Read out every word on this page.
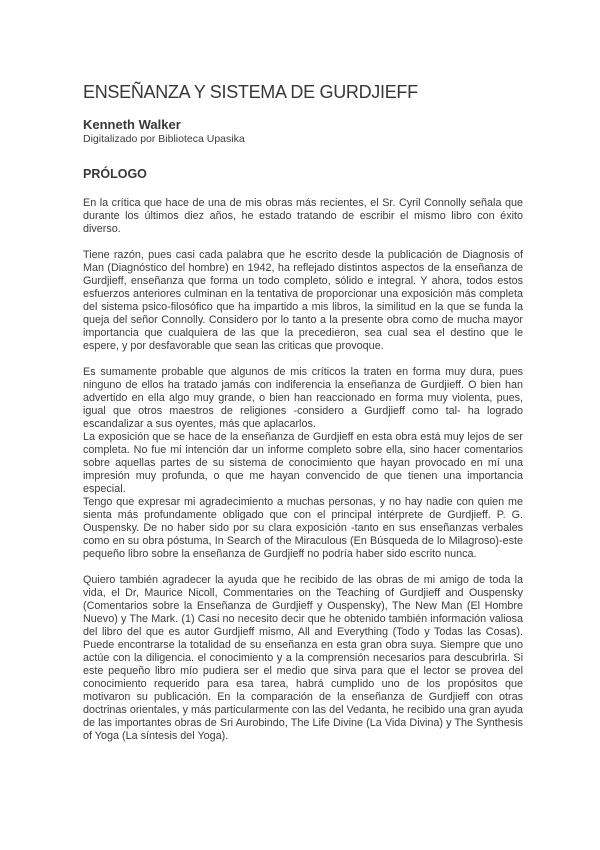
ENSEÑANZA Y SISTEMA DE GURDJIEFF
Kenneth Walker
Digitalizado por Biblioteca Upasika
PRÓLOGO

En la crítica que hace de una de mis obras más recientes, el Sr. Cyril Connolly señala que durante los últimos diez años, he estado tratando de escribir el mismo libro con éxito diverso.

Tiene razón, pues casi cada palabra que he escrito desde la publicación de Diagnosis of Man (Diagnóstico del hombre) en 1942, ha reflejado distintos aspectos de la enseñanza de Gurdjieff, enseñanza que forma un todo completo, sólido e integral. Y ahora, todos estos esfuerzos anteriores culminan en la tentativa de proporcionar una exposición más completa del sistema psico-filosófico que ha impartido a mis libros, la similitud en la que se funda la queja del señor Connolly. Considero por lo tanto a la presente obra como de mucha mayor importancia que cualquiera de las que la precedieron, sea cual sea el destino que le espere, y por desfavorable que sean las criticas que provoque.

Es sumamente probable que algunos de mis críticos la traten en forma muy dura, pues ninguno de ellos ha tratado jamás con indiferencia la enseñanza de Gurdjieff. O bien han advertido en ella algo muy grande, o bien han reaccionado en forma muy violenta, pues, igual que otros maestros de religiones -considero a Gurdjieff como tal- ha logrado escandalizar a sus oyentes, más que aplacarlos.

La exposición que se hace de la enseñanza de Gurdjieff en esta obra está muy lejos de ser completa. No fue mi intención dar un informe completo sobre ella, sino hacer comentarios sobre aquellas partes de su sistema de conocimiento que hayan provocado en mí una impresión muy profunda, o que me hayan convencido de que tienen una importancia especial.

Tengo que expresar mi agradecimiento a muchas personas, y no hay nadie con quien me sienta más profundamente obligado que con el principal intérprete de Gurdjieff. P. G. Ouspensky. De no haber sido por su clara exposición -tanto en sus enseñanzas verbales como en su obra póstuma, In Search of the Miraculous (En Búsqueda de lo Milagroso)-este pequeño libro sobre la enseñanza de Gurdjieff no podría haber sido escrito nunca.

Quiero también agradecer la ayuda que he recibido de las obras de mi amigo de toda la vida, el Dr, Maurice Nicoll, Commentaries on the Teaching of Gurdjieff and Ouspensky (Comentarios sobre la Enseñanza de Gurdjieff y Ouspensky), The New Man (El Hombre Nuevo) y The Mark. (1) Casi no necesito decir que he obtenido también información valiosa del libro del que es autor Gurdjieff mismo, All and Everything (Todo y Todas las Cosas). Puede encontrarse la totalidad de su enseñanza en esta gran obra suya. Siempre que uno actúe con la diligencia. el conocimiento y a la comprensión necesarios para descubrirla. Si este pequeño libro mío pudiera ser el medio que sirva para que el lector se provea del conocimiento requerido para esa tarea, habrá cumplido uno de los propósitos que motivaron su publicación. En la comparación de la enseñanza de Gurdjieff con otras doctrinas orientales, y más particularmente con las del Vedanta, he recibido una gran ayuda de las importantes obras de Sri Aurobindo, The Life Divine (La Vida Divina) y The Synthesis of Yoga (La síntesis del Yoga).
